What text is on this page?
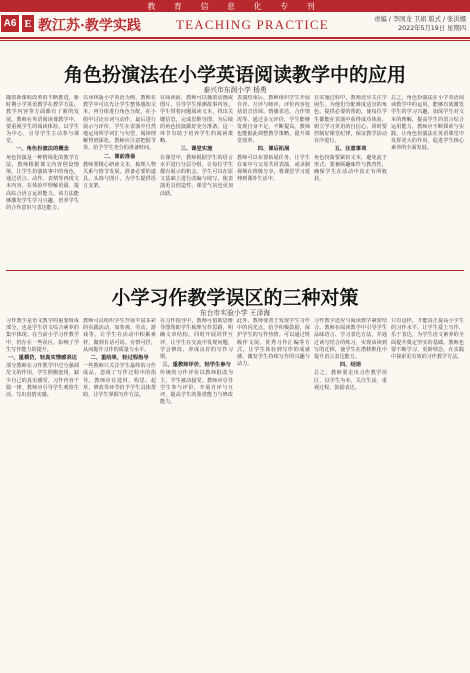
教 育 信 息 化 专 刊
A6 E 教江苏·教学实践	TEACHING PRACTICE	责编 / 李国龙 卫娟 版式 / 张洪娜
2022年5月19日 星期四
角色扮演法在小学英语阅读教学中的应用
泰兴市东润小学 杨勇
随着新课程改革的不断推进，新时期小学英语教学在教学方法、教学内容等方面都有了新的发展。教师在英语阅读课教学中，要重视学生的阅读体验，以学生为中心，引导学生主动参与课堂。
一、角色扮演法的概念
角色扮演是一种情境化的教学方法，教师根据课文内容创设情境，让学生扮演故事中的角色，通过语言、动作、表情等再现文本内容，在体验中理解语篇，提高综合语言运用能力。该方法能够激发学生学习兴趣，培养学生的合作意识与表达能力。
以译林版小学英语为例，教师在教学中可以先让学生整体感知文本，再分组进行角色分配，在小组中讨论台词与动作，最后进行展示与评价。学生在表演中自然地运用所学词汇与句型，阅读理解得到深化。教师应注意把握节奏，给予学生充分的准备时间。
二、课前准备
教师要精心研读文本，梳理人物关系与情节发展，准备必要的道具、头饰与图片，为学生提供语言支架。
在阅读前，教师可以播放动画或图片，引导学生预测故事内容。学生带着问题阅读文本，找出关键信息，完成思维导图，为后续的角色扮演做好充分准备。这一环节有助于培养学生的阅读策略。
三、课堂实施
在课堂中，教师根据学生的语言水平进行分层分组，让每位学生都有展示的机会。学生可以在原文基础上进行改编与续写，使表演更具创造性，课堂气氛也更加活跃。
表演结束后，教师组织学生开展自评、互评与师评，评价内容包括语音语调、情感表达、合作情况等。通过多元评价，学生能够发现自身不足，不断提高。教师也能据此调整教学策略，提升课堂效率。
四、课后拓展
教师可以布置拓展任务，让学生在家中与父母共同表演，或录制视频在班级分享，将课堂学习延伸到课外生活中。
在实施过程中，教师还应关注学困生，为他们分配难度适宜的角色，提供必要的帮助，使每位学生都能在表演中获得成功体验，树立学习英语的自信心。同时要控制好课堂纪律，保证教学活动有序进行。
五、注意事项
角色扮演要紧扣文本，避免流于形式；要兼顾趣味性与教育性，确保学生在活动中真正有所收获。
总之，角色扮演法在小学英语阅读教学中的运用，能够有效激发学生的学习兴趣，加深学生对文本的理解，提高学生的语言综合运用能力。教师应不断探索与实践，让角色扮演法在英语课堂中发挥更大的作用，促进学生核心素养的全面发展。
小学习作教学误区的三种对策
东台市实验小学 王泽海
习作教学是语文教学的重要组成部分，也是学生语文综合素养的集中体现。在当前小学习作教学中，仍存在一些误区，影响了学生写作能力的提升。
一、重模仿，轻真实情感表达
部分教师在习作教学中过分强调范文的作用，学生照搬套用，缺少自己的真实感受，习作内容千篇一律。教师应引导学生观察生活，写出真情实感。
教师可以组织学生开展丰富多彩的实践活动，如参观、劳动、游戏等，让学生在活动中积累素材，做到有话可说、有情可抒，从而提升习作的质量与水平。
二、重结果，轻过程指导
一些教师只关注学生最终的习作成品，忽视了写作过程中的指导。教师应在选材、构思、起草、修改等环节给予学生具体帮助，让学生掌握写作方法。
在习作指导中，教师可借助思维导图帮助学生梳理写作思路，明确文章结构。同时开展同伴互评，让学生在交流中发现问题，学会修改，养成良好的写作习惯。
三、重教师评价，轻学生参与
传统的习作评价以教师批改为主，学生被动接受。教师应引导学生参与评价，开展自评与互评，提高学生的鉴赏能力与修改能力。
此外，教师要善于发现学生习作中的闪光点，给予积极鼓励，保护学生的写作热情。可以通过班级作文展、优秀习作汇编等方式，让学生体验到写作的成就感，激发学生持续写作的兴趣与动力。
习作教学还应与阅读教学紧密结合。教师在阅读教学中引导学生品味语言、学习表达方法，并通过读写结合的练习，实现由读到写的迁移，使学生在潜移默化中提升语言表达能力。
四、结语
总之，教师要走出习作教学误区，以学生为本，关注生活，重视过程，鼓励表达。
只有这样，才能真正提高小学生的习作水平，让学生爱上写作，乐于表达，为学生语文素养的全面提升奠定坚实的基础。教师也要不断学习，更新理念，在实践中探索更有效的习作教学方法。
